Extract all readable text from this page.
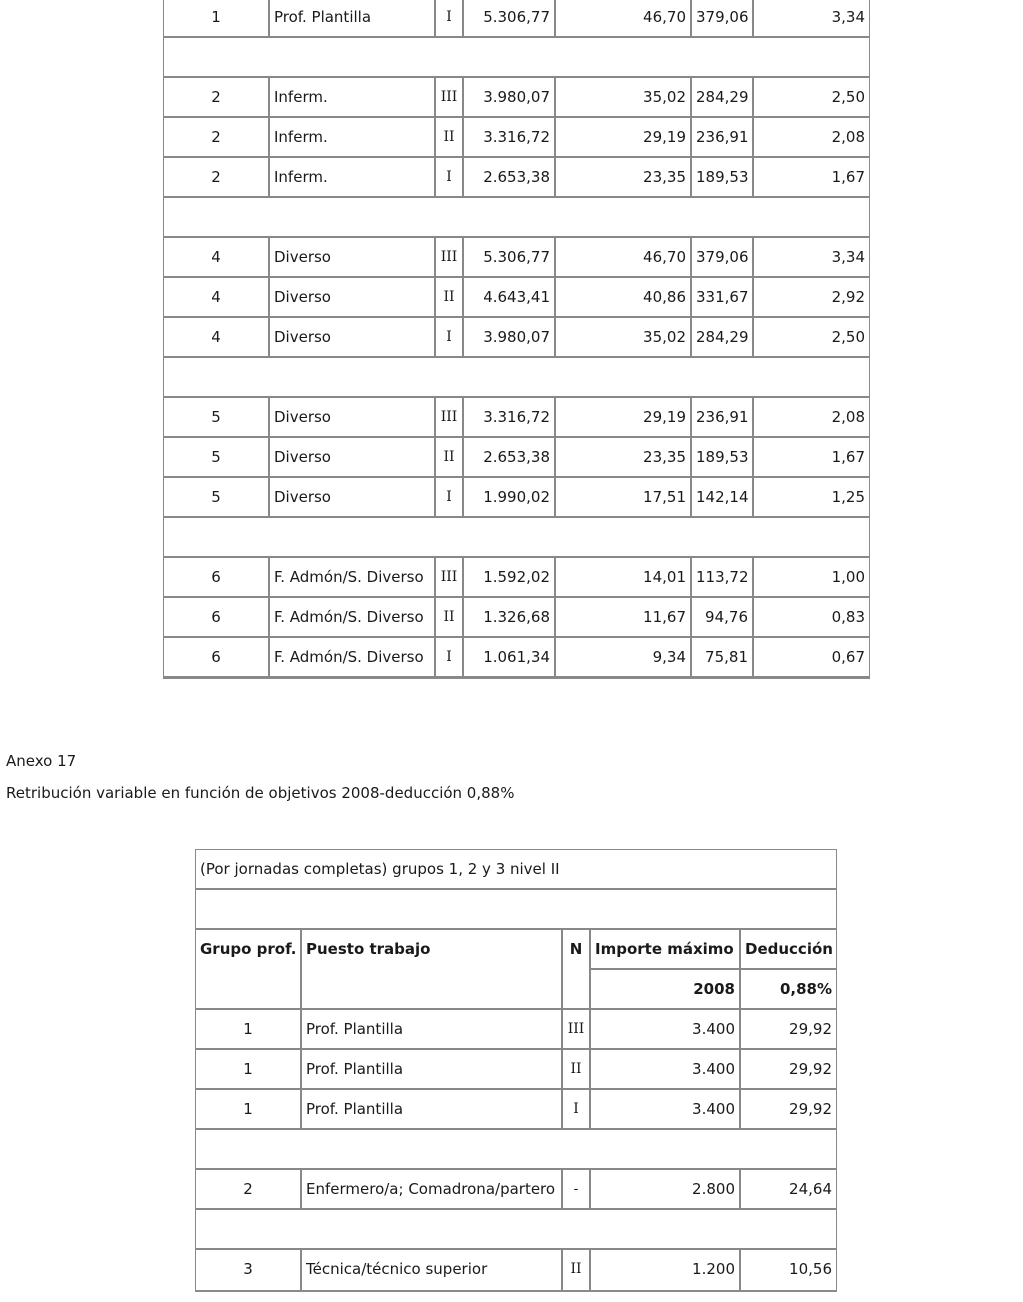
1	Prof. Plantilla	I	5.306,77	46,70	379,06	3,34

2	Inferm.	III	3.980,07	35,02	284,29	2,50
2	Inferm.	II	3.316,72	29,19	236,91	2,08
2	Inferm.	I	2.653,38	23,35	189,53	1,67

4	Diverso	III	5.306,77	46,70	379,06	3,34
4	Diverso	II	4.643,41	40,86	331,67	2,92
4	Diverso	I	3.980,07	35,02	284,29	2,50

5	Diverso	III	3.316,72	29,19	236,91	2,08
5	Diverso	II	2.653,38	23,35	189,53	1,67
5	Diverso	I	1.990,02	17,51	142,14	1,25

6	F. Admón/S. Diverso	III	1.592,02	14,01	113,72	1,00
6	F. Admón/S. Diverso	II	1.326,68	11,67	94,76	0,83
6	F. Admón/S. Diverso	I	1.061,34	9,34	75,81	0,67
Anexo 17
Retribución variable en función de objetivos 2008-deducción 0,88%
(Por jornadas completas) grupos 1, 2 y 3 nivel II				

Grupo prof.	Puesto trabajo	N	Importe máximo	Deducción
			2008	0,88%
1	Prof. Plantilla	III	3.400	29,92
1	Prof. Plantilla	II	3.400	29,92
1	Prof. Plantilla	I	3.400	29,92

2	Enfermero/a; Comadrona/partero	-	2.800	24,64

3	Técnica/técnico superior	II	1.200	10,56
